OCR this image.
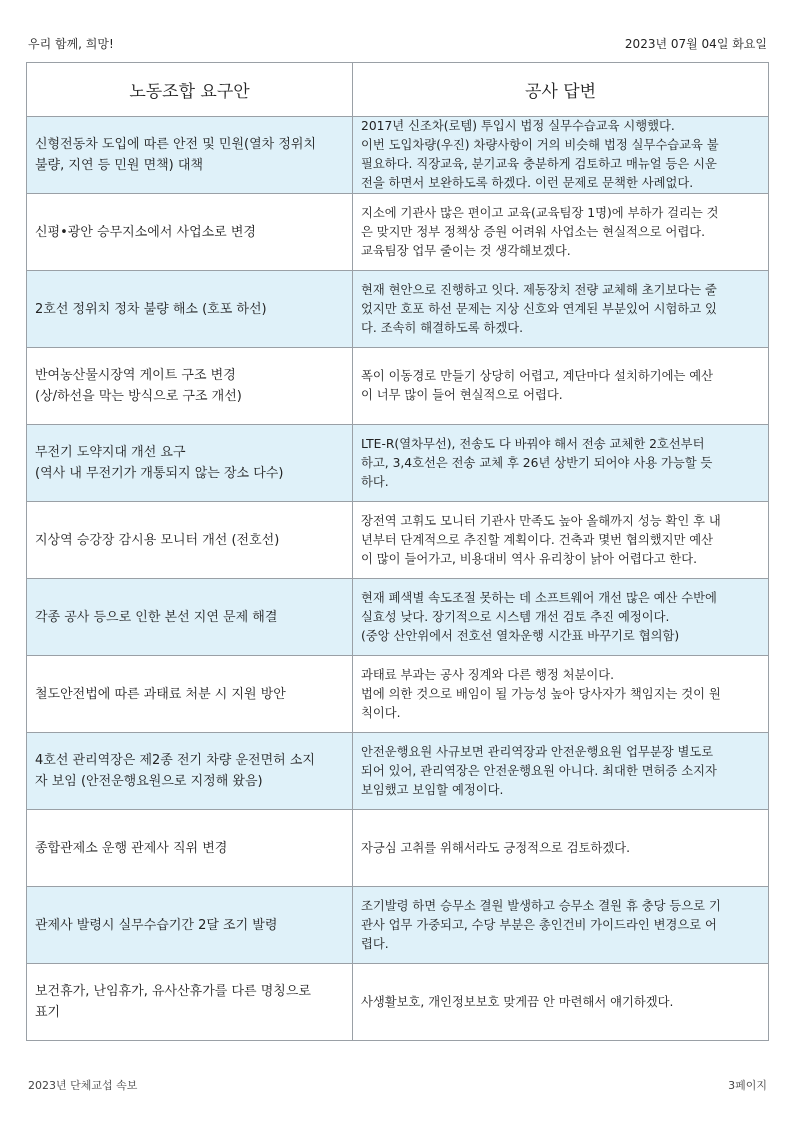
우리 함께, 희망!	2023년 07월 04일 화요일
노동조합 요구안	공사 답변

신형전동차 도입에 따른 안전 및 민원(열차 정위치
불량, 지연 등 민원 면책) 대책	2017년 신조차(로템) 투입시 법정 실무수습교육 시행했다.
이번 도입차량(우진) 차량사항이 거의 비슷해 법정 실무수습교육 불
필요하다. 직장교육, 분기교육 충분하게 검토하고 매뉴얼 등은 시운
전을 하면서 보완하도록 하겠다. 이런 문제로 문책한 사례없다.

신평•광안 승무지소에서 사업소로 변경	지소에 기관사 많은 편이고 교육(교육팀장 1명)에 부하가 걸리는 것
은 맞지만 정부 정책상 증원 어려워 사업소는 현실적으로 어렵다.
교육팀장 업무 줄이는 것 생각해보겠다.

2호선 정위치 정차 불량 해소 (호포 하선)	현재 현안으로 진행하고 잇다. 제동장치 전량 교체해 초기보다는 줄
었지만 호포 하선 문제는 지상 신호와 연계된 부분있어 시험하고 있
다. 조속히 해결하도록 하겠다.

반여농산물시장역 게이트 구조 변경
(상/하선을 막는 방식으로 구조 개선)	폭이 이동경로 만들기 상당히 어렵고, 계단마다 설치하기에는 예산
이 너무 많이 들어 현실적으로 어렵다.

무전기 도약지대 개선 요구
(역사 내 무전기가 개통되지 않는 장소 다수)	LTE-R(열차무선), 전송도 다 바꿔야 해서 전송 교체한 2호선부터
하고, 3,4호선은 전송 교체 후 26년 상반기 되어야 사용 가능할 듯
하다.

지상역 승강장 감시용 모니터 개선 (전호선)	장전역 고휘도 모니터 기관사 만족도 높아 올해까지 성능 확인 후 내
년부터 단계적으로 추진할 계획이다. 건축과 몇번 협의했지만 예산
이 많이 들어가고, 비용대비 역사 유리창이 낡아 어렵다고 한다.

각종 공사 등으로 인한 본선 지연 문제 해결	현재 폐색별 속도조절 못하는 데 소프트웨어 개선 많은 예산 수반에
실효성 낮다. 장기적으로 시스템 개선 검토 추진 예정이다.
(중앙 산안위에서 전호선 열차운행 시간표 바꾸기로 협의함)

철도안전법에 따른 과태료 처분 시 지원 방안	과태료 부과는 공사 징계와 다른 행정 처분이다.
법에 의한 것으로 배임이 될 가능성 높아 당사자가 책임지는 것이 원
칙이다.

4호선 관리역장은 제2종 전기 차량 운전면허 소지
자 보임 (안전운행요원으로 지정해 왔음)	안전운행요원 사규보면 관리역장과 안전운행요원 업무분장 별도로
되어 있어, 관리역장은 안전운행요원 아니다. 최대한 면허증 소지자
보임했고 보임할 예정이다.

종합관제소 운행 관제사 직위 변경	자긍심 고취를 위해서라도 긍정적으로 검토하겠다.

관제사 발령시 실무수습기간 2달 조기 발령	조기발령 하면 승무소 결원 발생하고 승무소 결원 휴 충당 등으로 기
관사 업무 가중되고, 수당 부분은 총인건비 가이드라인 변경으로 어
렵다.

보건휴가, 난임휴가, 유사산휴가를 다른 명칭으로
표기	사생활보호, 개인정보보호 맞게끔 안 마련해서 얘기하겠다.
2023년 단체교섭 속보	3페이지
